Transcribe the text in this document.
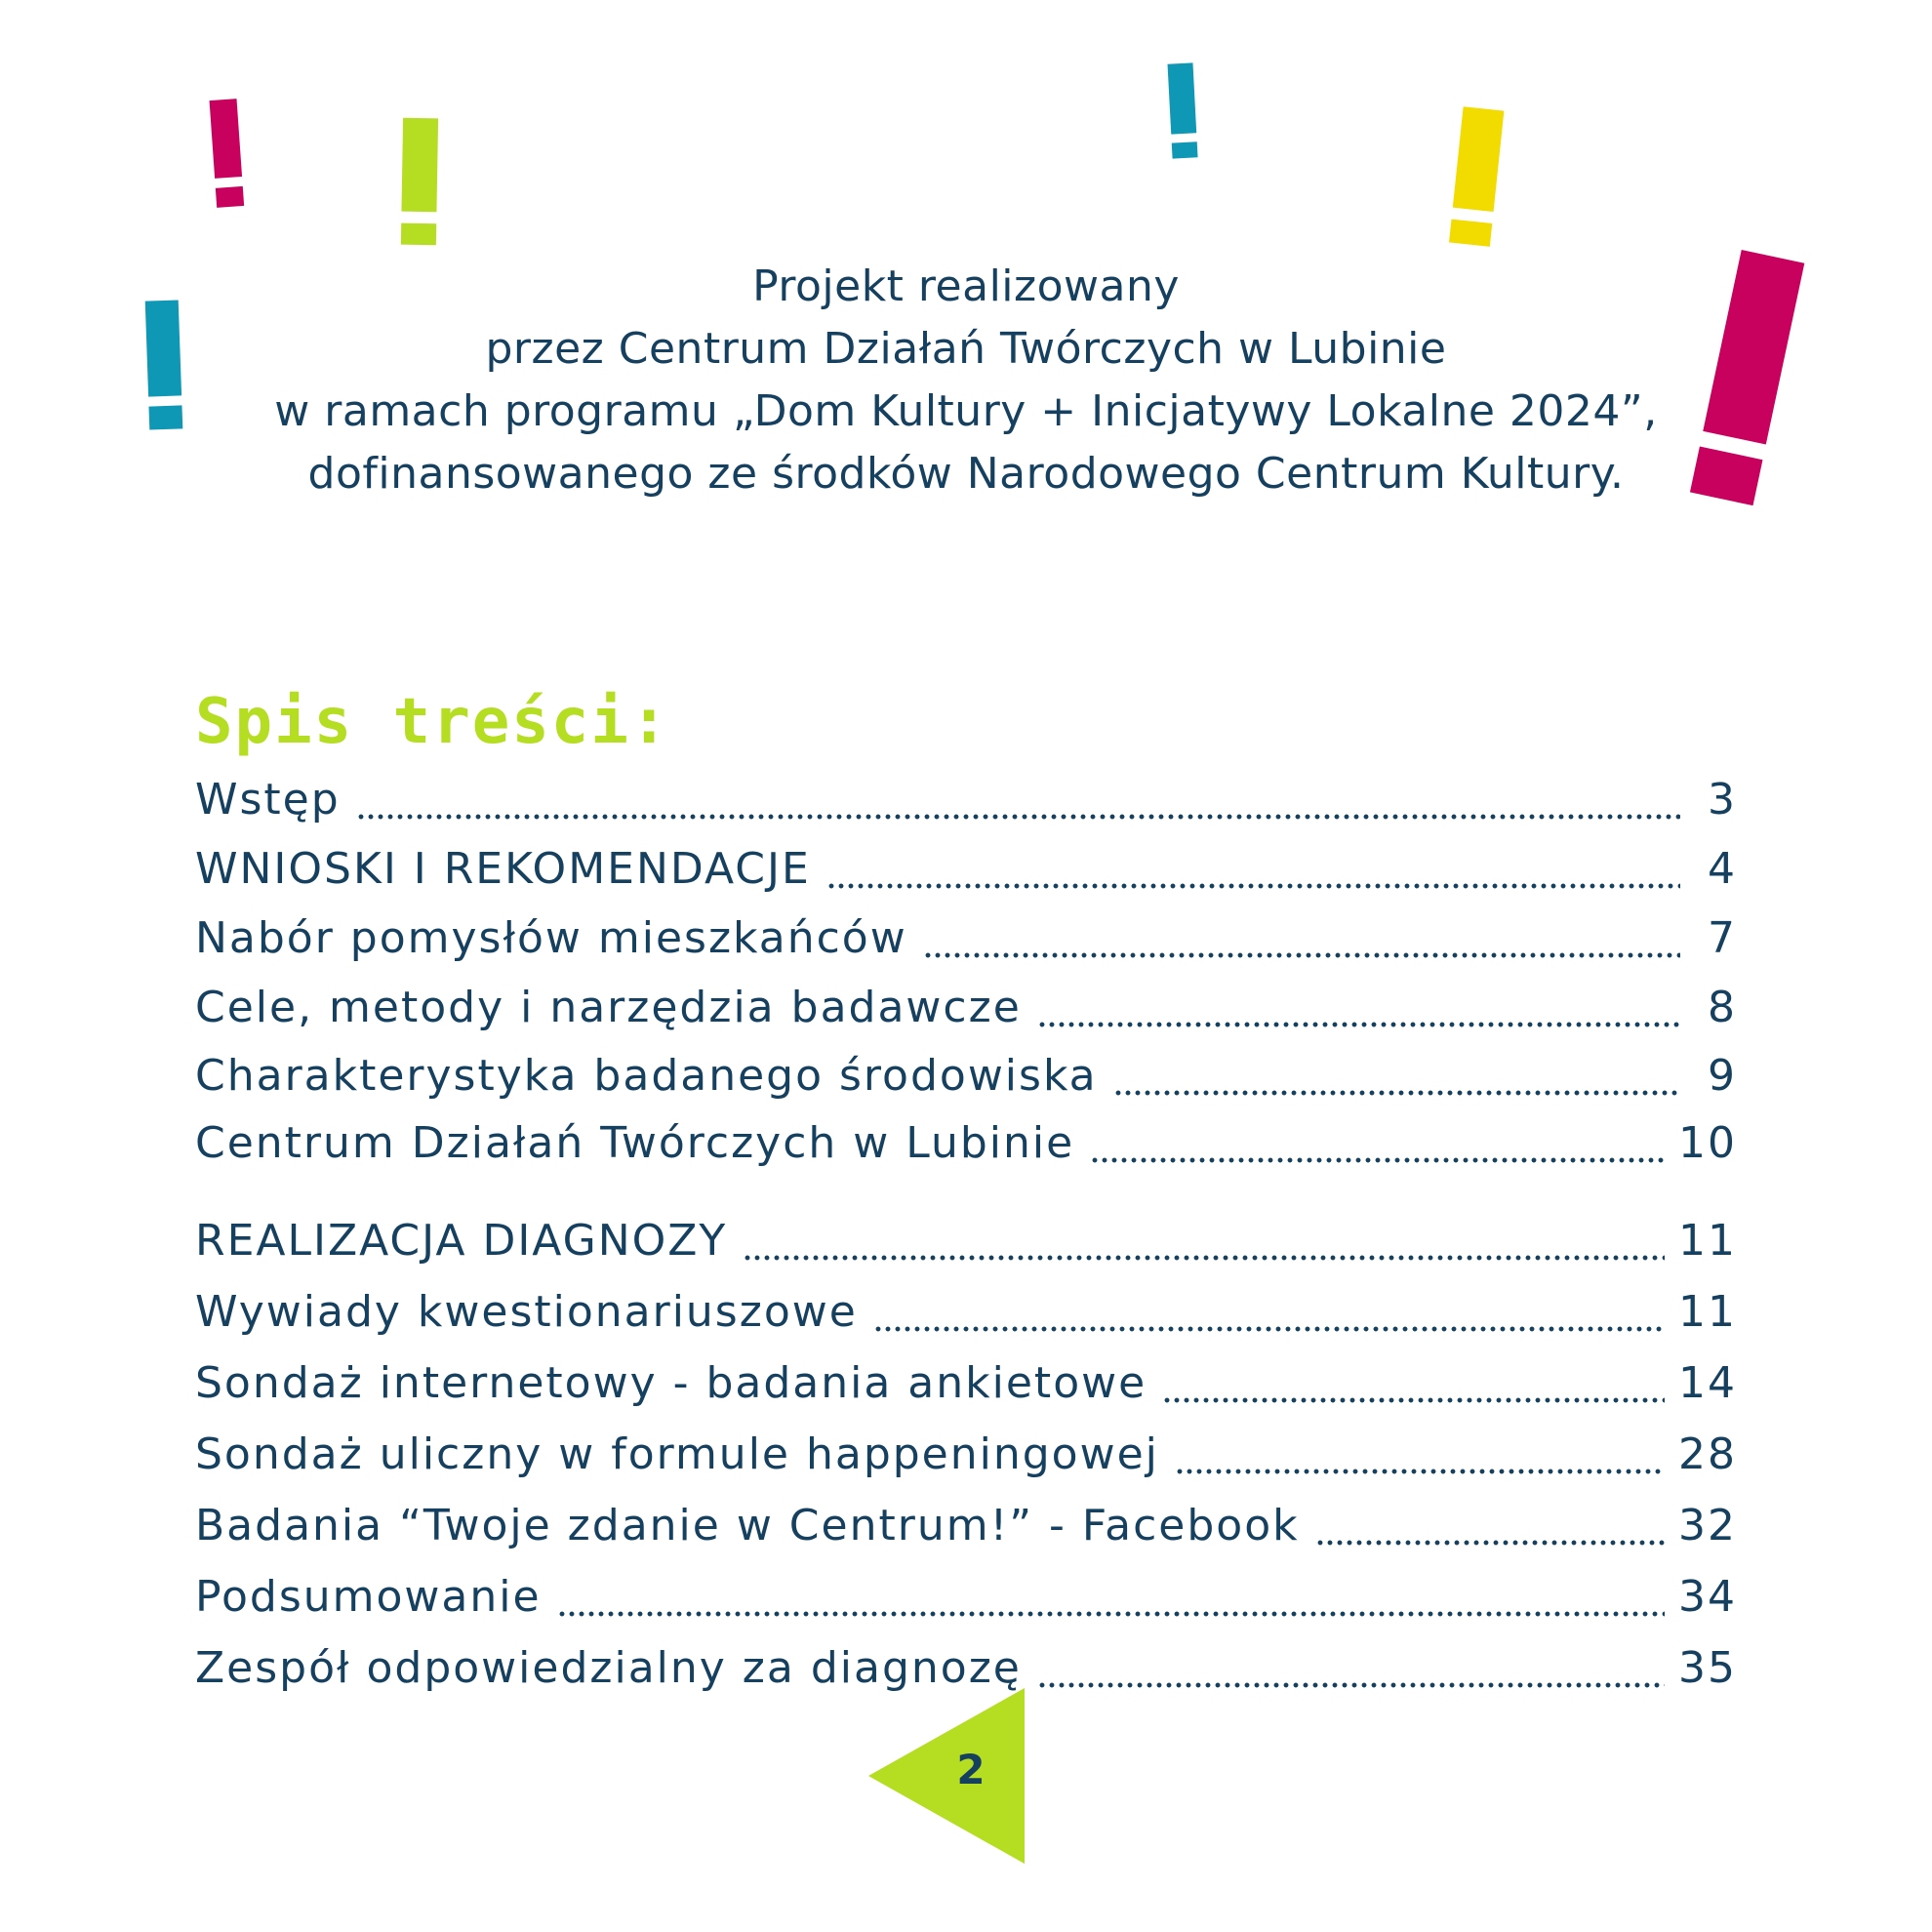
Projekt realizowany
przez Centrum Działań Twórczych w Lubinie
w ramach programu „Dom Kultury + Inicjatywy Lokalne 2024”,
dofinansowanego ze środków Narodowego Centrum Kultury.
Spis treści:
Wstęp	3
WNIOSKI I REKOMENDACJE	4
Nabór pomysłów mieszkańców	7
Cele, metody i narzędzia badawcze	8
Charakterystyka badanego środowiska	9
Centrum Działań Twórczych w Lubinie	10
REALIZACJA DIAGNOZY	11
Wywiady kwestionariuszowe	11
Sondaż internetowy - badania ankietowe	14
Sondaż uliczny w formule happeningowej	28
Badania “Twoje zdanie w Centrum!” - Facebook	32
Podsumowanie	34
Zespół odpowiedzialny za diagnozę	35
2
